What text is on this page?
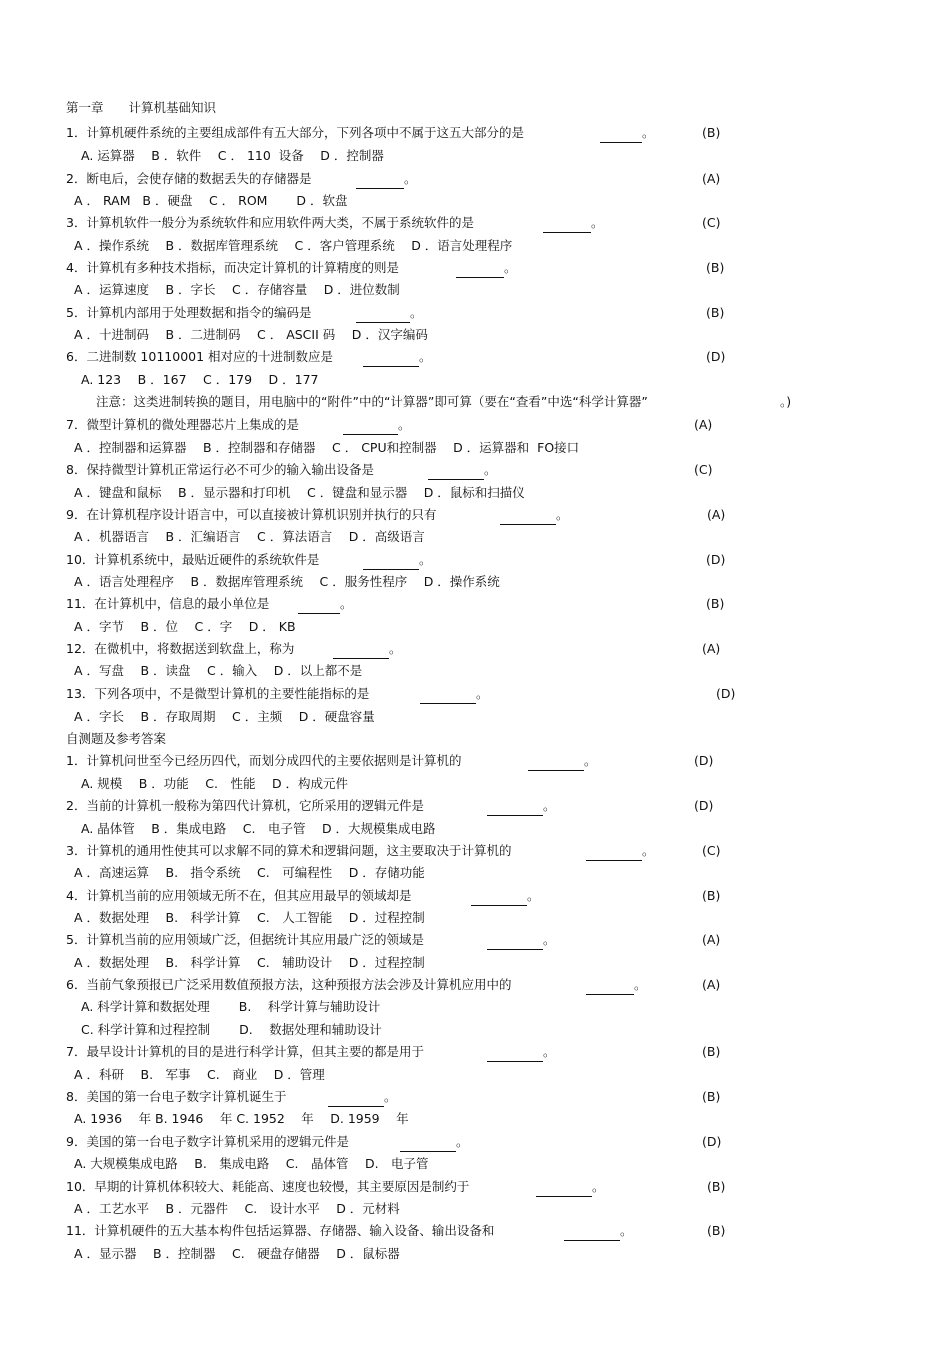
第一章　　计算机基础知识
1．计算机硬件系统的主要组成部件有五大部分，下列各项中不属于这五大部分的是	。	(B)
A. 运算器　 B ．软件　 C ． 110  设备　 D ．控制器
2．断电后，会使存储的数据丢失的存储器是	。	(A)
A ． RAM   B ．硬盘　 C ． ROM　　 D ．软盘
3．计算机软件一般分为系统软件和应用软件两大类，不属于系统软件的是	。	(C)
A ．操作系统　 B ．数据库管理系统　 C ．客户管理系统　 D ．语言处理程序
4．计算机有多种技术指标，而决定计算机的计算精度的则是	。	(B)
A ．运算速度　 B ．字长　 C ．存储容量　 D ．进位数制
5．计算机内部用于处理数据和指令的编码是	。	(B)
A ．十进制码　 B ．二进制码　 C ． ASCII 码　 D ．汉字编码
6．二进制数 10110001 相对应的十进制数应是	。	(D)
A. 123　 B ．167　 C ．179　 D ．177
注意：这类进制转换的题目，用电脑中的“附件”中的“计算器”即可算（要在“查看”中选“科学计算器”	。)
7．微型计算机的微处理器芯片上集成的是	。	(A)
A ．控制器和运算器　 B ．控制器和存储器　 C ． CPU和控制器　 D ．运算器和  FO接口
8．保持微型计算机正常运行必不可少的输入输出设备是	。	(C)
A ．键盘和鼠标　 B ．显示器和打印机　 C ．键盘和显示器　 D ．鼠标和扫描仪
9．在计算机程序设计语言中，可以直接被计算机识别并执行的只有	。	(A)
A ．机器语言　 B ．汇编语言　 C ．算法语言　 D ．高级语言
10．计算机系统中，最贴近硬件的系统软件是	。	(D)
A ．语言处理程序　 B ．数据库管理系统　 C ．服务性程序　 D ．操作系统
11．在计算机中，信息的最小单位是	。	(B)
A ．字节　 B ．位　 C ．字　 D ． KB
12．在微机中，将数据送到软盘上，称为	。	(A)
A ．写盘　 B ．读盘　 C ．输入　 D ．以上都不是
13．下列各项中，不是微型计算机的主要性能指标的是	。	(D)
A ．字长　 B ．存取周期　 C ．主频　 D ．硬盘容量
自测题及参考答案
1．计算机问世至今已经历四代，而划分成四代的主要依据则是计算机的	。	(D)
A. 规模　 B ．功能　 C.　性能　 D ．构成元件
2．当前的计算机一般称为第四代计算机，它所采用的逻辑元件是	。	(D)
A. 晶体管　 B ．集成电路　 C.　电子管　 D ．大规模集成电路
3．计算机的通用性使其可以求解不同的算术和逻辑问题，这主要取决于计算机的	。	(C)
A ．高速运算　 B.　指令系统　 C.　可编程性　 D ．存储功能
4．计算机当前的应用领域无所不在，但其应用最早的领域却是	。	(B)
A ．数据处理　 B.　科学计算　 C.　人工智能　 D ．过程控制
5．计算机当前的应用领域广泛，但据统计其应用最广泛的领域是	。	(A)
A ．数据处理　 B.　科学计算　 C.　辅助设计　 D ．过程控制
6．当前气象预报已广泛采用数值预报方法，这种预报方法会涉及计算机应用中的	。	(A)
A. 科学计算和数据处理　　 B.　 科学计算与辅助设计
C. 科学计算和过程控制　　 D.　 数据处理和辅助设计
7．最早设计计算机的目的是进行科学计算，但其主要的都是用于	。	(B)
A ．科研　 B.　军事　 C.　商业　 D ．管理
8．美国的第一台电子数字计算机诞生于	。	(B)
A. 1936　 年 B. 1946　 年 C. 1952　 年　 D. 1959　 年
9．美国的第一台电子数字计算机采用的逻辑元件是	。	(D)
A. 大规模集成电路　 B.　集成电路　 C.　晶体管　 D.　电子管
10．早期的计算机体积较大、耗能高、速度也较慢，其主要原因是制约于	。	(B)
A ．工艺水平　 B ．元器件　 C.　设计水平　 D ．元材料
11．计算机硬件的五大基本构件包括运算器、存储器、输入设备、输出设备和	。	(B)
A ．显示器　 B ．控制器　 C.　硬盘存储器　 D ．鼠标器
